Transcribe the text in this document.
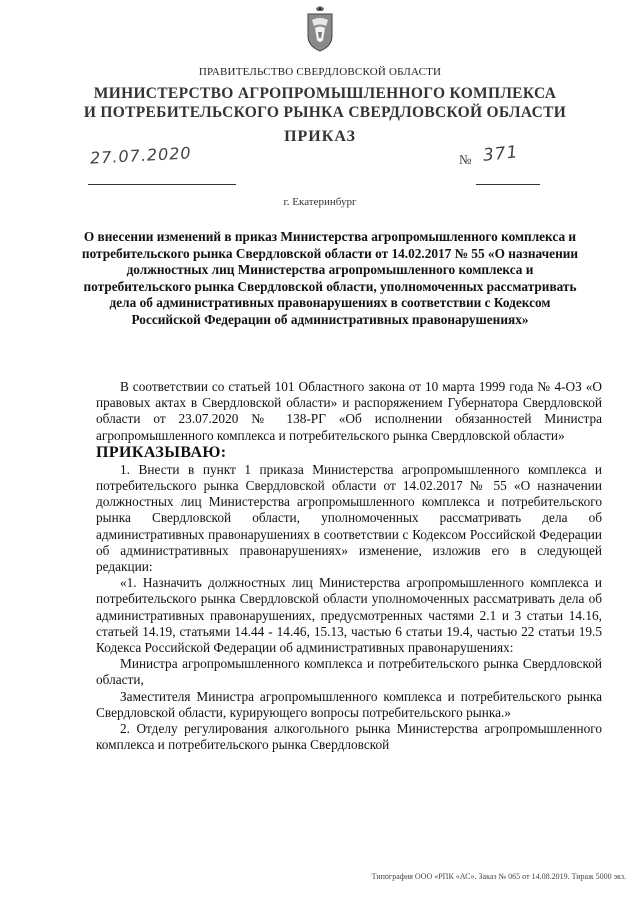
ПРАВИТЕЛЬСТВО СВЕРДЛОВСКОЙ ОБЛАСТИ
МИНИСТЕРСТВО АГРОПРОМЫШЛЕННОГО КОМПЛЕКСА
И ПОТРЕБИТЕЛЬСКОГО РЫНКА СВЕРДЛОВСКОЙ ОБЛАСТИ
ПРИКАЗ
27.07.2020	№ 371
г. Екатеринбург
О внесении изменений в приказ Министерства агропромышленного комплекса и потребительского рынка Свердловской области от 14.02.2017 № 55 «О назначении должностных лиц Министерства агропромышленного комплекса и потребительского рынка Свердловской области, уполномоченных рассматривать дела об административных правонарушениях в соответствии с Кодексом Российской Федерации об административных правонарушениях»

В соответствии со статьей 101 Областного закона от 10 марта 1999 года № 4-ОЗ «О правовых актах в Свердловской области» и распоряжением Губернатора Свердловской области от 23.07.2020 № 138-РГ «Об исполнении обязанностей Министра агропромышленного комплекса и потребительского рынка Свердловской области»

ПРИКАЗЫВАЮ:

1. Внести в пункт 1 приказа Министерства агропромышленного комплекса и потребительского рынка Свердловской области от 14.02.2017 № 55 «О назначении должностных лиц Министерства агропромышленного комплекса и потребительского рынка Свердловской области, уполномоченных рассматривать дела об административных правонарушениях в соответствии с Кодексом Российской Федерации об административных правонарушениях» изменение, изложив его в следующей редакции:

«1. Назначить должностных лиц Министерства агропромышленного комплекса и потребительского рынка Свердловской области уполномоченных рассматривать дела об административных правонарушениях, предусмотренных частями 2.1 и 3 статьи 14.16, статьей 14.19, статьями 14.44 - 14.46, 15.13, частью 6 статьи 19.4, частью 22 статьи 19.5 Кодекса Российской Федерации об административных правонарушениях:

Министра агропромышленного комплекса и потребительского рынка Свердловской области,

Заместителя Министра агропромышленного комплекса и потребительского рынка Свердловской области, курирующего вопросы потребительского рынка.»

2. Отделу регулирования алкогольного рынка Министерства агропромышленного комплекса и потребительского рынка Свердловской

Типография ООО «РПК «АС». Заказ № 065 от 14.08.2019. Тираж 5000 экз.
